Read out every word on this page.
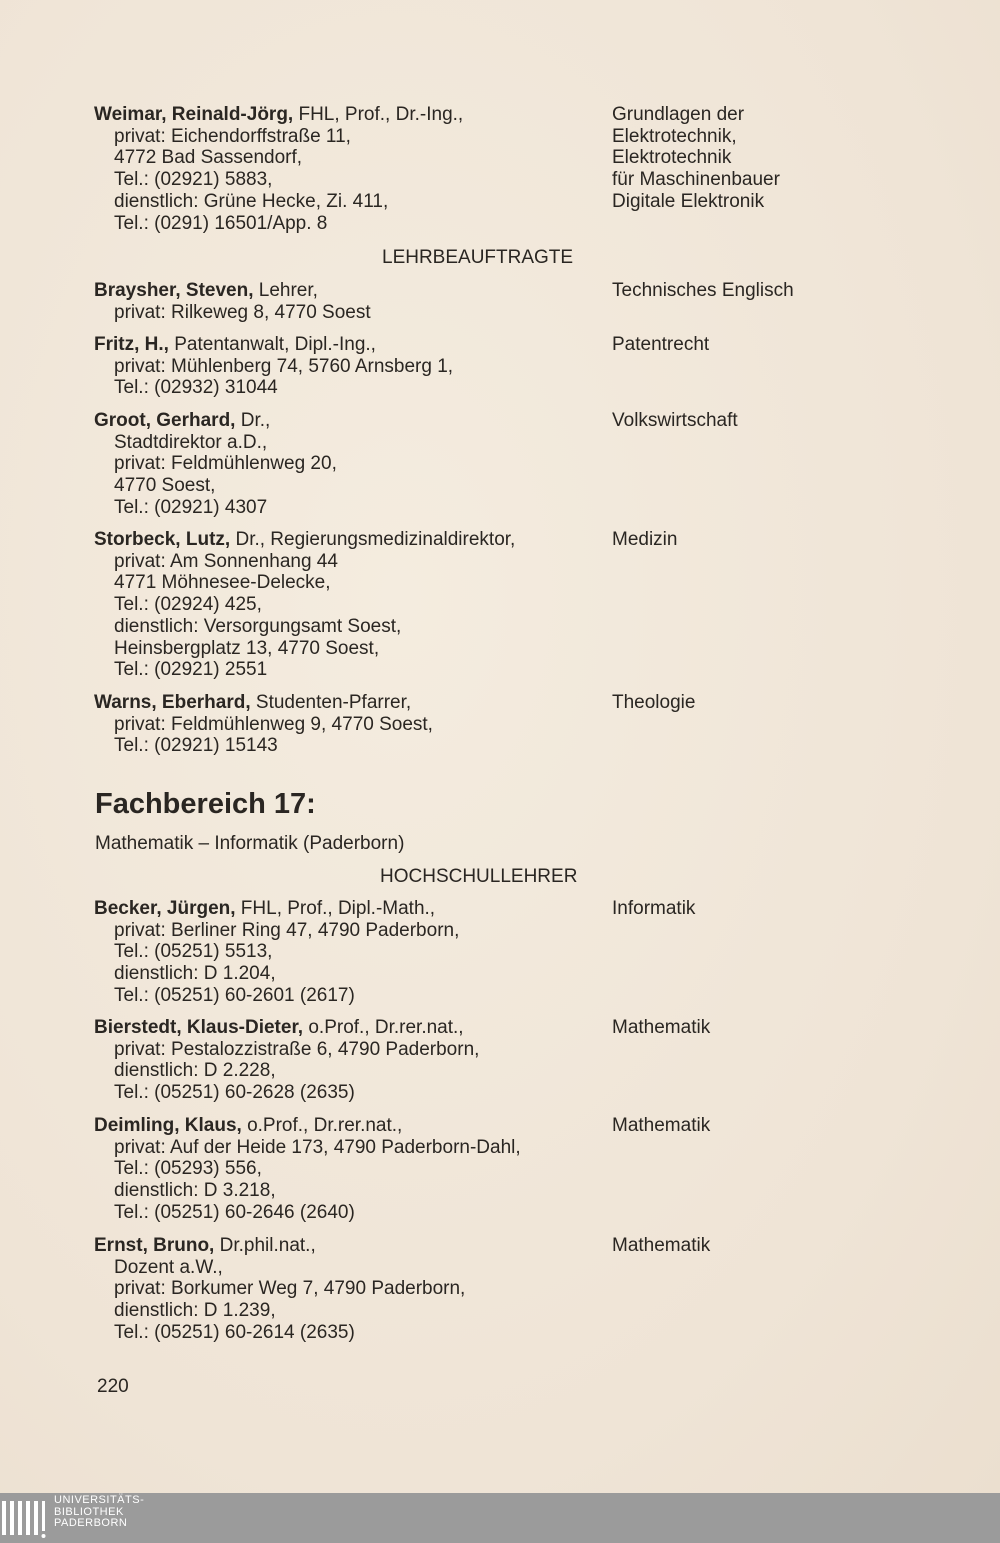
Weimar, Reinald-Jörg, FHL, Prof., Dr.-Ing.,
privat: Eichendorffstraße 11,
4772 Bad Sassendorf,
Tel.: (02921) 5883,
dienstlich: Grüne Hecke, Zi. 411,
Tel.: (0291) 16501/App. 8
Grundlagen der
Elektrotechnik,
Elektrotechnik
für Maschinenbauer
Digitale Elektronik
LEHRBEAUFTRAGTE
Braysher, Steven, Lehrer,
privat: Rilkeweg 8, 4770 Soest
Technisches Englisch
Fritz, H., Patentanwalt, Dipl.-Ing.,
privat: Mühlenberg 74, 5760 Arnsberg 1,
Tel.: (02932) 31044
Patentrecht
Groot, Gerhard, Dr.,
Stadtdirektor a.D.,
privat: Feldmühlenweg 20,
4770 Soest,
Tel.: (02921) 4307
Volkswirtschaft
Storbeck, Lutz, Dr., Regierungsmedizinaldirektor,
privat: Am Sonnenhang 44
4771 Möhnesee-Delecke,
Tel.: (02924) 425,
dienstlich: Versorgungsamt Soest,
Heinsbergplatz 13, 4770 Soest,
Tel.: (02921) 2551
Medizin
Warns, Eberhard, Studenten-Pfarrer,
privat: Feldmühlenweg 9, 4770 Soest,
Tel.: (02921) 15143
Theologie
Fachbereich 17:
Mathematik – Informatik (Paderborn)
HOCHSCHULLEHRER
Becker, Jürgen, FHL, Prof., Dipl.-Math.,
privat: Berliner Ring 47, 4790 Paderborn,
Tel.: (05251) 5513,
dienstlich: D 1.204,
Tel.: (05251) 60-2601 (2617)
Informatik
Bierstedt, Klaus-Dieter, o.Prof., Dr.rer.nat.,
privat: Pestalozzistraße 6, 4790 Paderborn,
dienstlich: D 2.228,
Tel.: (05251) 60-2628 (2635)
Mathematik
Deimling, Klaus, o.Prof., Dr.rer.nat.,
privat: Auf der Heide 173, 4790 Paderborn-Dahl,
Tel.: (05293) 556,
dienstlich: D 3.218,
Tel.: (05251) 60-2646 (2640)
Mathematik
Ernst, Bruno, Dr.phil.nat.,
Dozent a.W.,
privat: Borkumer Weg 7, 4790 Paderborn,
dienstlich: D 1.239,
Tel.: (05251) 60-2614 (2635)
Mathematik
220
UNIVERSITÄTS-
BIBLIOTHEK
PADERBORN
